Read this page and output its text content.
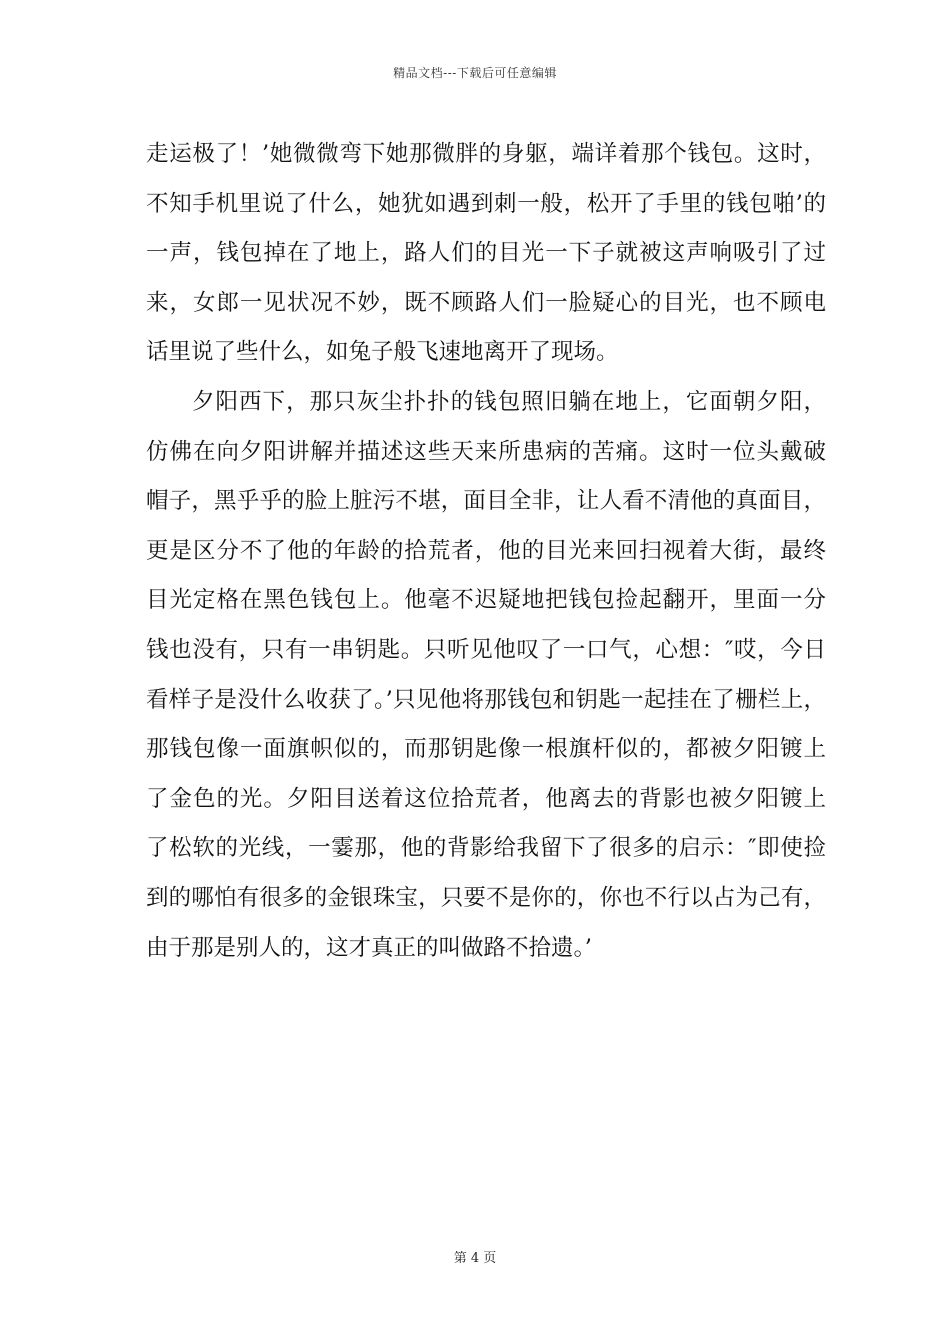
精品文档---下载后可任意编辑
走运极了！’她微微弯下她那微胖的身躯，端详着那个钱包。这时，
不知手机里说了什么，她犹如遇到刺一般，松开了手里的钱包啪’的
一声，钱包掉在了地上，路人们的目光一下子就被这声响吸引了过
来，女郎一见状况不妙，既不顾路人们一脸疑心的目光，也不顾电
话里说了些什么，如兔子般飞速地离开了现场。
夕阳西下，那只灰尘扑扑的钱包照旧躺在地上，它面朝夕阳，
仿佛在向夕阳讲解并描述这些天来所患病的苦痛。这时一位头戴破
帽子，黑乎乎的脸上脏污不堪，面目全非，让人看不清他的真面目，
更是区分不了他的年龄的拾荒者，他的目光来回扫视着大街，最终
目光定格在黑色钱包上。他毫不迟疑地把钱包捡起翻开，里面一分
钱也没有，只有一串钥匙。只听见他叹了一口气，心想：″哎，今日
看样子是没什么收获了。’只见他将那钱包和钥匙一起挂在了栅栏上，
那钱包像一面旗帜似的，而那钥匙像一根旗杆似的，都被夕阳镀上
了金色的光。夕阳目送着这位拾荒者，他离去的背影也被夕阳镀上
了松软的光线，一霎那，他的背影给我留下了很多的启示：″即使捡
到的哪怕有很多的金银珠宝，只要不是你的，你也不行以占为己有，
由于那是别人的，这才真正的叫做路不拾遗。’
第 4 页
